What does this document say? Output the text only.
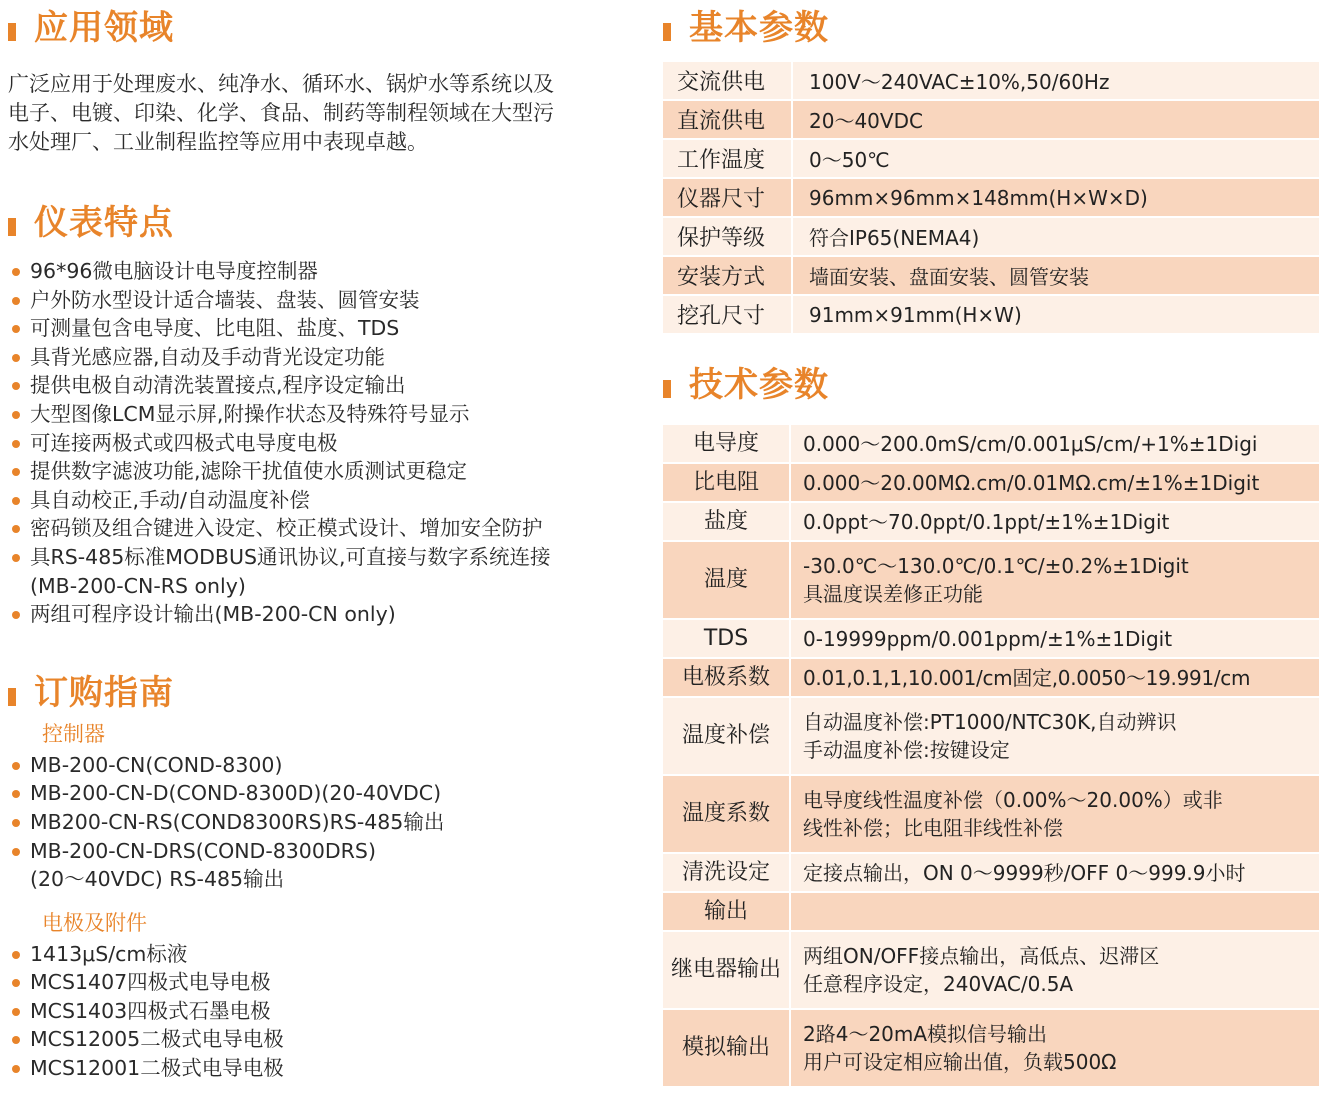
应用领域

广泛应用于处理废水、纯净水、循环水、锅炉水等系统以及
电子、电镀、印染、化学、食品、制药等制程领域在大型污
水处理厂、工业制程监控等应用中表现卓越。

仪表特点
96*96微电脑设计电导度控制器
户外防水型设计适合墙装、盘装、圆管安装
可测量包含电导度、比电阻、盐度、TDS
具背光感应器,自动及手动背光设定功能
提供电极自动清洗装置接点,程序设定输出
大型图像LCM显示屏,附操作状态及特殊符号显示
可连接两极式或四极式电导度电极
提供数字滤波功能,滤除干扰值使水质测试更稳定
具自动校正,手动/自动温度补偿
密码锁及组合键进入设定、校正模式设计、增加安全防护
具RS-485标准MODBUS通讯协议,可直接与数字系统连接
(MB-200-CN-RS only)
两组可程序设计输出(MB-200-CN only)
订购指南
控制器
MB-200-CN(COND-8300)
MB-200-CN-D(COND-8300D)(20-40VDC)
MB200-CN-RS(COND8300RS)RS-485输出
MB-200-CN-DRS(COND-8300DRS)
(20～40VDC) RS-485输出
电极及附件
1413μS/cm标液
MCS1407四极式电导电极
MCS1403四极式石墨电极
MCS12005二极式电导电极
MCS12001二极式电导电极
基本参数
交流供电	100V～240VAC±10%,50/60Hz
直流供电	20～40VDC
工作温度	0～50℃
仪器尺寸	96mm×96mm×148mm(H×W×D)
保护等级	符合IP65(NEMA4)
安装方式	墙面安装、盘面安装、圆管安装
挖孔尺寸	91mm×91mm(H×W)
技术参数
电导度	0.000～200.0mS/cm/0.001μS/cm/+1%±1Digi

比电阻	0.000～20.00MΩ.cm/0.01MΩ.cm/±1%±1Digit

盐度	0.0ppt～70.0ppt/0.1ppt/±1%±1Digit

温度	-30.0℃～130.0℃/0.1℃/±0.2%±1Digit
具温度误差修正功能

TDS	0-19999ppm/0.001ppm/±1%±1Digit

电极系数	0.01,0.1,1,10.001/cm固定,0.0050～19.991/cm

温度补偿	自动温度补偿:PT1000/NTC30K,自动辨识
手动温度补偿:按键设定

温度系数	电导度线性温度补偿（0.00%～20.00%）或非
线性补偿；比电阻非线性补偿

清洗设定	定接点输出，ON 0～9999秒/OFF 0～999.9小时

输出	

继电器输出	两组ON/OFF接点输出，高低点、迟滞区
任意程序设定，240VAC/0.5A

模拟输出	2路4～20mA模拟信号输出
用户可设定相应输出值，负载500Ω
